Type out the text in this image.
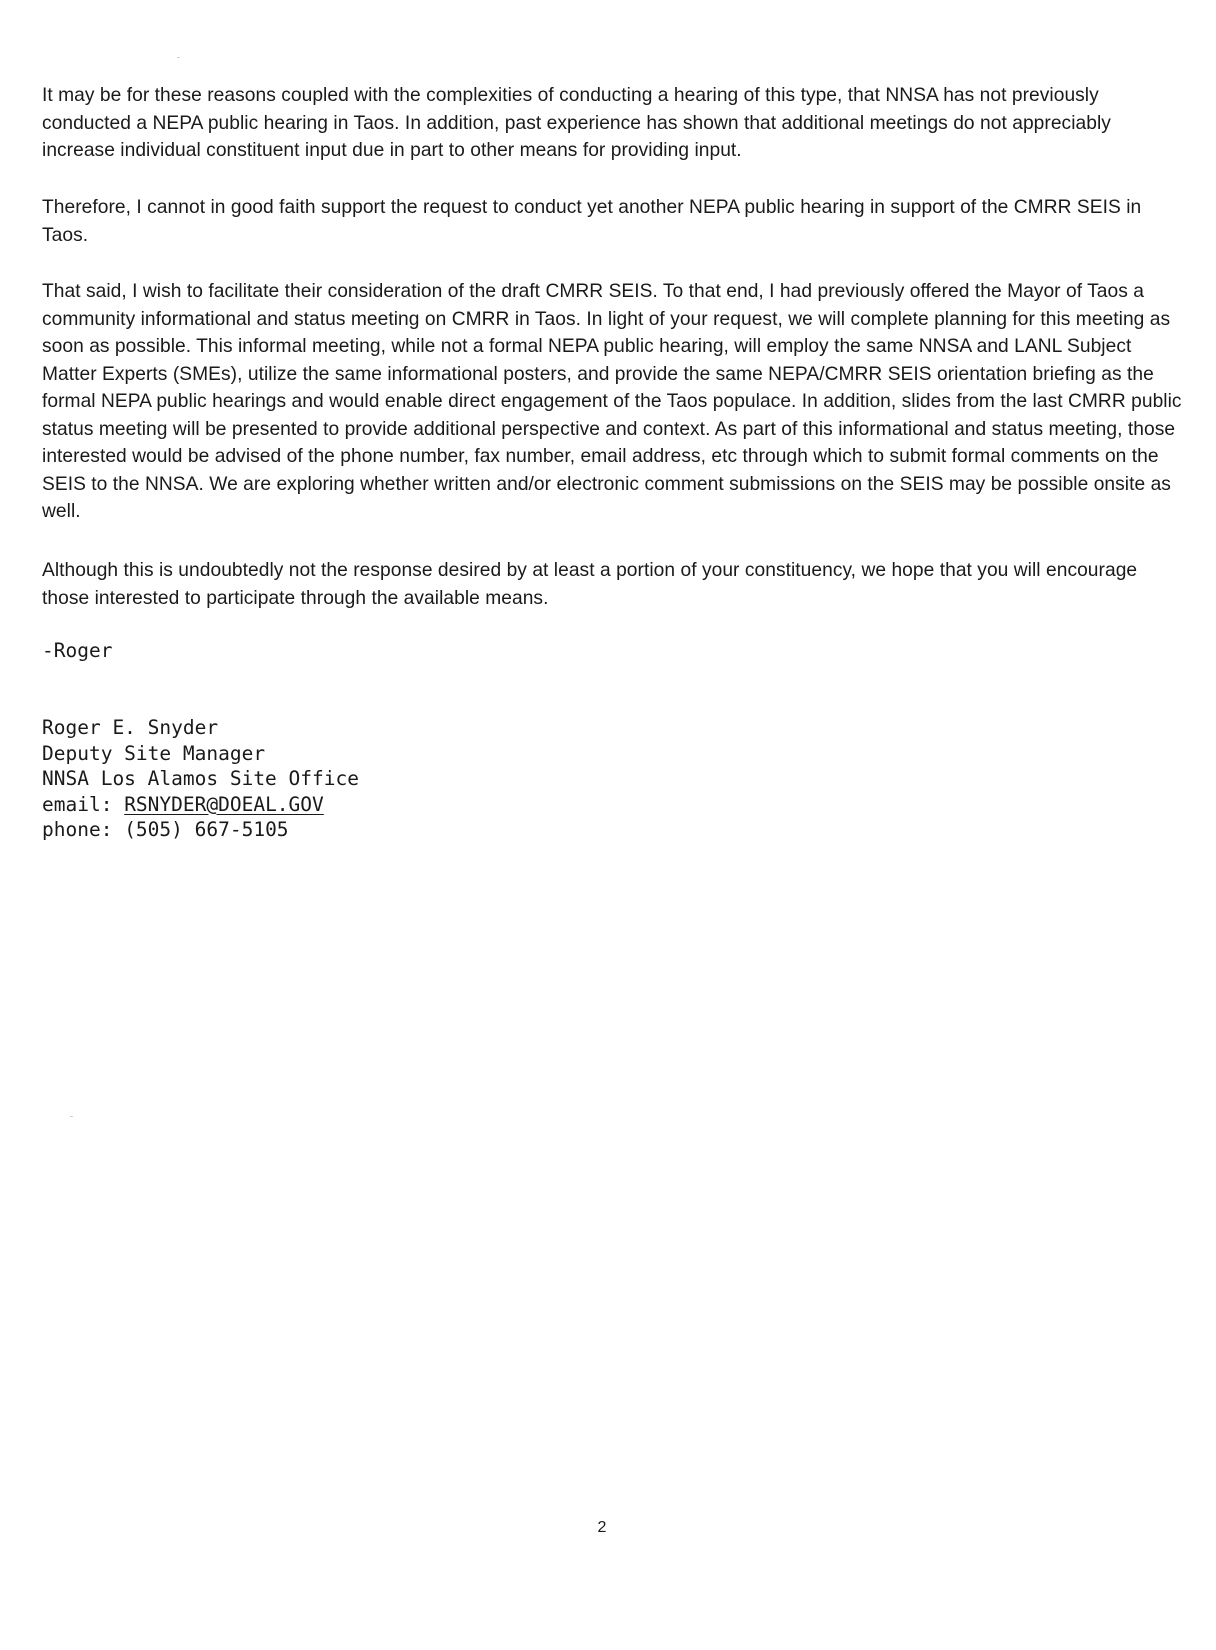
It may be for these reasons coupled with the complexities of conducting a hearing of this type, that NNSA has not previously conducted a NEPA public hearing in Taos. In addition, past experience has shown that additional meetings do not appreciably increase individual constituent input due in part to other means for providing input.

Therefore, I cannot in good faith support the request to conduct yet another NEPA public hearing in support of the CMRR SEIS in Taos.

That said, I wish to facilitate their consideration of the draft CMRR SEIS. To that end, I had previously offered the Mayor of Taos a community informational and status meeting on CMRR in Taos. In light of your request, we will complete planning for this meeting as soon as possible. This informal meeting, while not a formal NEPA public hearing, will employ the same NNSA and LANL Subject Matter Experts (SMEs), utilize the same informational posters, and provide the same NEPA/CMRR SEIS orientation briefing as the formal NEPA public hearings and would enable direct engagement of the Taos populace. In addition, slides from the last CMRR public status meeting will be presented to provide additional perspective and context. As part of this informational and status meeting, those interested would be advised of the phone number, fax number, email address, etc through which to submit formal comments on the SEIS to the NNSA. We are exploring whether written and/or electronic comment submissions on the SEIS may be possible onsite as well.

Although this is undoubtedly not the response desired by at least a portion of your constituency, we hope that you will encourage those interested to participate through the available means.

-Roger

Roger E. Snyder
Deputy Site Manager
NNSA Los Alamos Site Office
email: RSNYDER@DOEAL.GOV
phone: (505) 667-5105
2
